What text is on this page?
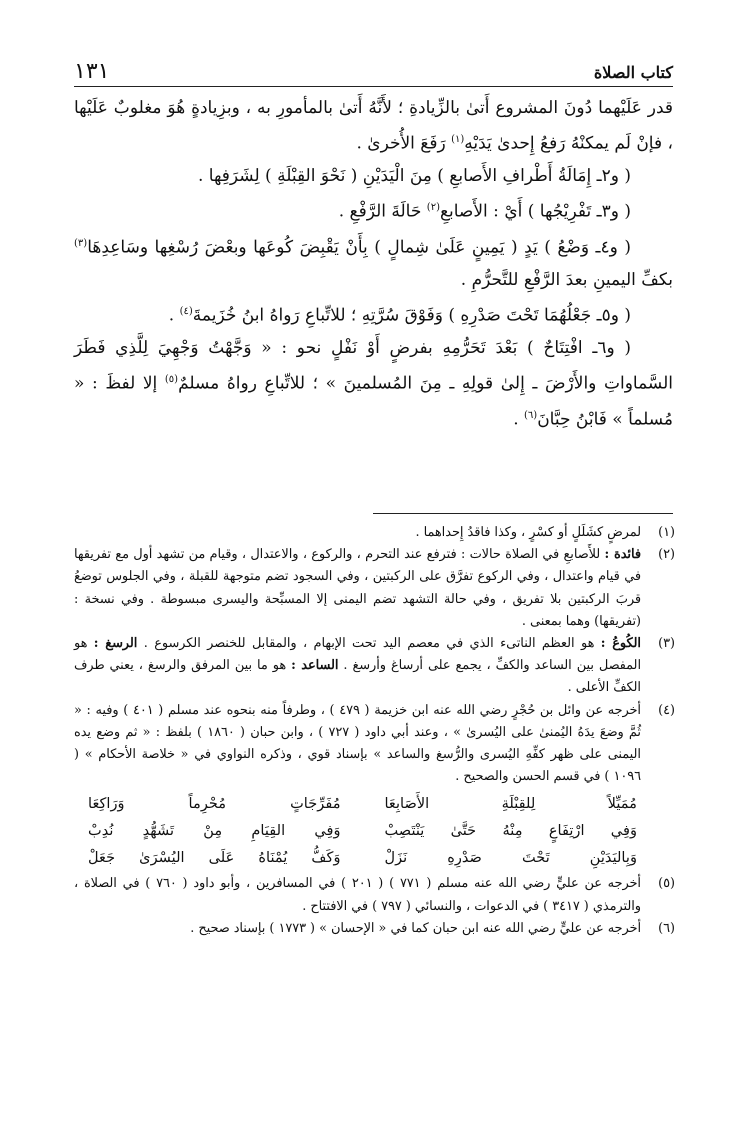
كتاب الصلاة
١٣١

قدر عَلَيْهما دُونَ المشروع أَتىٰ بالزِّيادةِ ؛ لأَنَّهُ أَتىٰ بالمأمورِ به ، وبزِيادةٍ هُوَ مغلوبٌ عَلَيْها ، فإنْ لَم يمكنْهُ رَفعُ إِحدىٰ يَدَيْهِ$^{(١)}$ رَفَعَ الأُخرىٰ .

( و٢ـ إِمَالَةُ أَطْرافِ الأَصابعِ ) مِنَ الْيَدَيْنِ ( نَحْوَ القِبْلَةِ ) لِشَرَفِها .

( و٣ـ تَفْرِيْجُها ) أَيْ : الأَصابعِ$^{(٢)}$ حَالَةَ الرَّفْعِ .

( و٤ـ وَضْعُ ) يَدٍ ( يَمِينٍ عَلَىٰ شِمالٍ ) بِأَنْ يَقْبِضَ كُوعَها وبعْضَ رُسْغِها وسَاعِدِهَا$^{(٣)}$ بكفِّ اليمينِ بعدَ الرَّفْعِ للتَّحرُّمِ .

( و٥ـ جَعْلُهُمَا تَحْتَ صَدْرِهِ ) وَفَوْقَ سُرَّتِهِ ؛ للاتِّباعِ رَواهُ ابنُ خُزَيمةَ$^{(٤)}$ .

( و٦ـ افْتِتَاحٌ ) بَعْدَ تَحَرُّمِهِ بفرضٍ أَوْ نَفْلٍ نحو : « وَجَّهْتُ وَجْهِيَ لِلَّذِي فَطَرَ السَّماواتِ والأَرْضَ ـ إِلىٰ قولِهِ ـ مِنَ المُسلمينَ » ؛ للاتِّباعِ رواهُ مسلمٌ$^{(٥)}$ إلا لفظَ : « مُسلماً » فَابْنُ حِبَّانَ$^{(٦)}$ .

(١)
لمرضٍ كشَلَلٍ أو كسْرٍ ، وكذا فاقدُ إِحداهما .
(٢)
فائدة : للأَصابعِ في الصلاة حالات : فترفع عند التحرم ، والركوع ، والاعتدال ، وقيام من تشهد أول مع تفريقها في قيام واعتدال ، وفي الركوع تفرَّق على الركبتين ، وفي السجود تضم متوجهة للقبلة ، وفي الجلوس توضعُ قربَ الركبتين بلا تفريق ، وفي حالة التشهد تضم اليمنى إلا المسبِّحة واليسرى مبسوطة . وفي نسخة : (تفريقها) وهما بمعنى .
(٣)
الكُوعُ : هو العظم الناتىء الذي في معصم اليد تحت الإبهام ، والمقابل للخنصر الكرسوع . الرسغ : هو المفصل بين الساعد والكفِّ ، يجمع على أرساغ وأرسغ . الساعد : هو ما بين المرفق والرسغ ، يعني طرف الكفِّ الأعلى .
(٤)
أخرجه عن وائل بن حُجْرٍ رضي الله عنه ابن خزيمة ( ٤٧٩ ) ، وطرفاً منه بنحوه عند مسلم ( ٤٠١ ) وفيه : « ثُمَّ وضعَ يدَهُ اليُمنىٰ على اليُسرىٰ » ، وعند أبي داود ( ٧٢٧ ) ، وابن حبان ( ١٨٦٠ ) بلفظ : « ثم وضع يده اليمنى على ظهر كفِّهِ اليُسرى والرُّسغ والساعد » بإسناد قوي ، وذكره النواوي في « خلاصة الأحكام » ( ١٠٩٦ ) في قسم الحسن والصحيح .
مُمَيِّلاً لِلقِبْلَةِ الأَصَابِعَا
مُفَرِّجَاتٍ مُحْرِماً وَرَاكِعَا
وَفِي ارْتِفَاعٍ مِنْهُ حَتَّىٰ يَنْتَصِبْ
وَفِي القِيَامِ مِنْ تَشَهُّدٍ نُدِبْ
وَبِاليَدَيْنِ تَحْتَ صَدْرِهِ نَزَلْ
وَكَفُّ يُمْنَاهُ عَلَى اليُسْرَىٰ جَعَلْ
(٥)
أخرجه عن عليٍّ رضي الله عنه مسلم ( ٧٧١ ) ( ٢٠١ ) في المسافرين ، وأبو داود ( ٧٦٠ ) في الصلاة ، والترمذي ( ٣٤١٧ ) في الدعوات ، والنسائي ( ٧٩٧ ) في الافتتاح .
(٦)
أخرجه عن عليٍّ رضي الله عنه ابن حبان كما في « الإحسان » ( ١٧٧٣ ) بإسناد صحيح .
